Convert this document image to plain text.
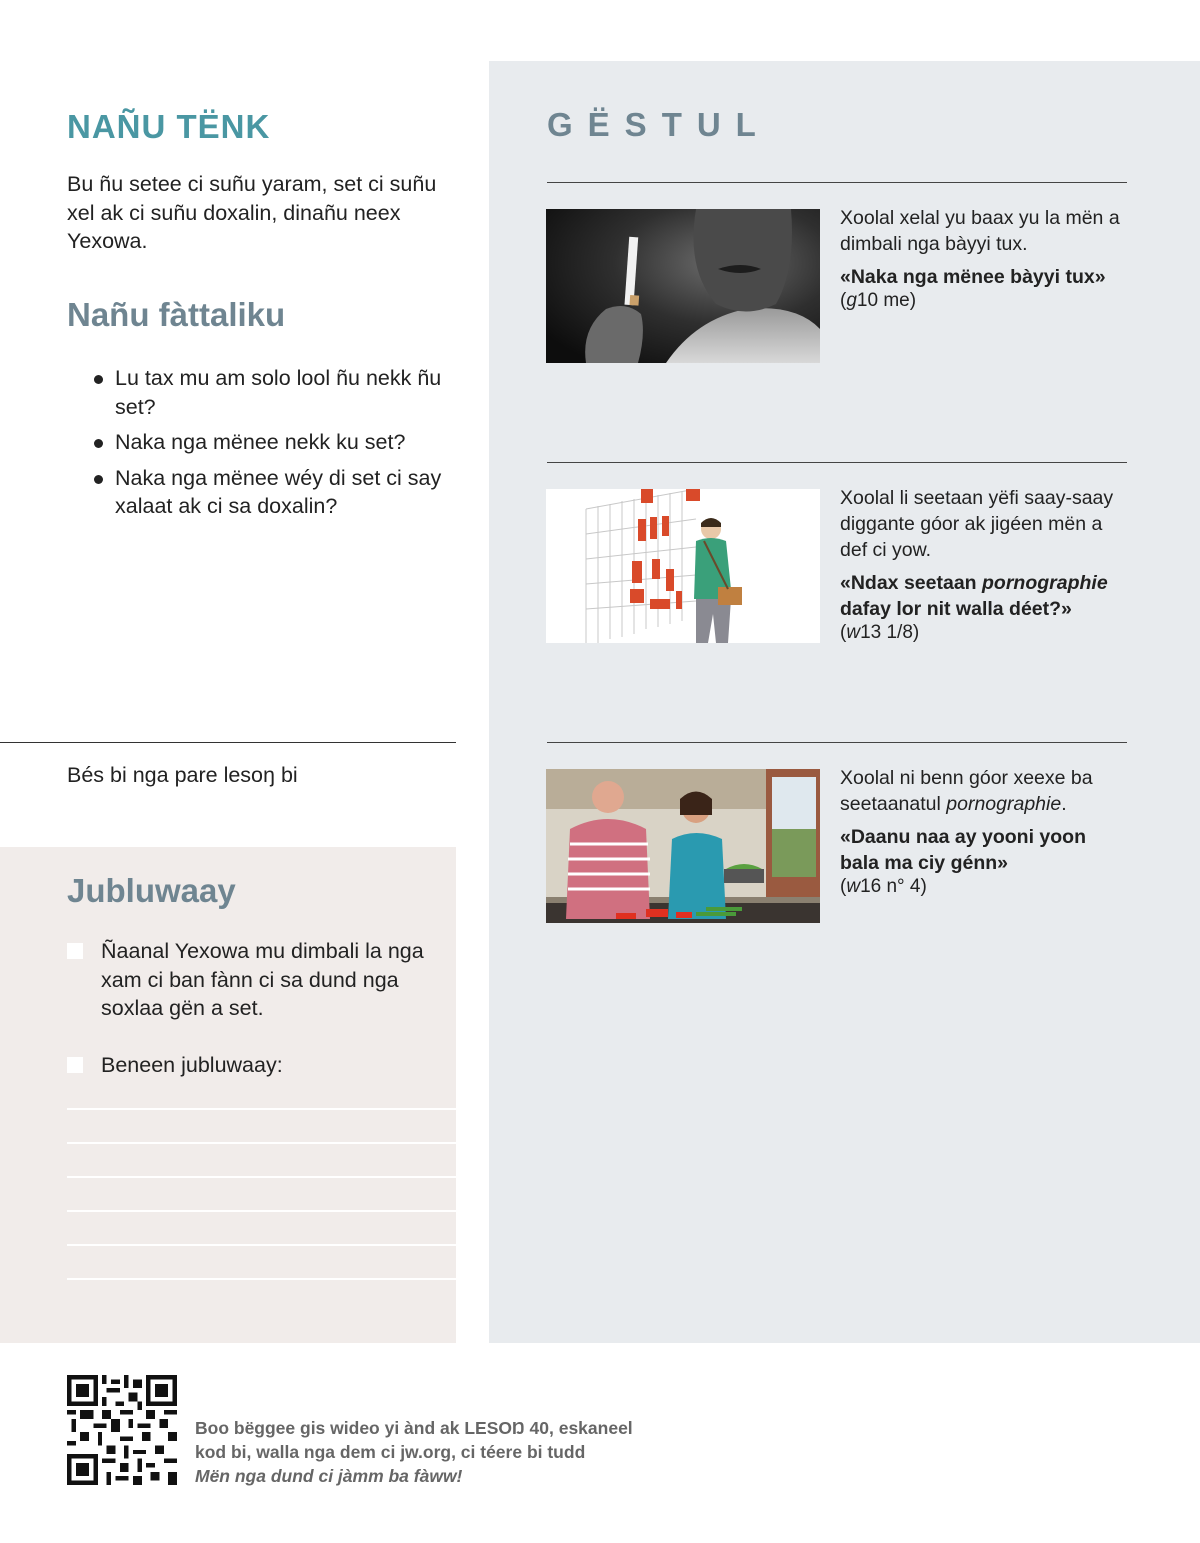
NAÑU TËNK
Bu ñu setee ci suñu yaram, set ci suñu xel ak ci suñu doxalin, dinañu neex Yexowa.
Nañu fàttaliku
Lu tax mu am solo lool ñu nekk ñu set?
Naka nga mënee nekk ku set?
Naka nga mënee wéy di set ci say xalaat ak ci sa doxalin?
Bés bi nga pare lesoŋ bi
Jubluwaay
Ñaanal Yexowa mu dimbali la nga xam ci ban fànn ci sa dund nga soxlaa gën a set.
Beneen jubluwaay:
GËSTUL
Xoolal xelal yu baax yu la mën a dimbali nga bàyyi tux.
«Naka nga mënee bàyyi tux»
(g10 me)
Xoolal li seetaan yëfi saay-saay diggante góor ak jigéen mën a def ci yow.
«Ndax seetaan pornographie dafay lor nit walla déet?»
(w13 1/8)
Xoolal ni benn góor xeexe ba seetaanatul pornographie.
«Daanu naa ay yooni yoon bala ma ciy génn»
(w16 n° 4)
Boo bëggee gis wideo yi ànd ak LESOŊ 40, eskaneel
kod bi, walla nga dem ci jw.org, ci téere bi tudd
Mën nga dund ci jàmm ba fàww!
